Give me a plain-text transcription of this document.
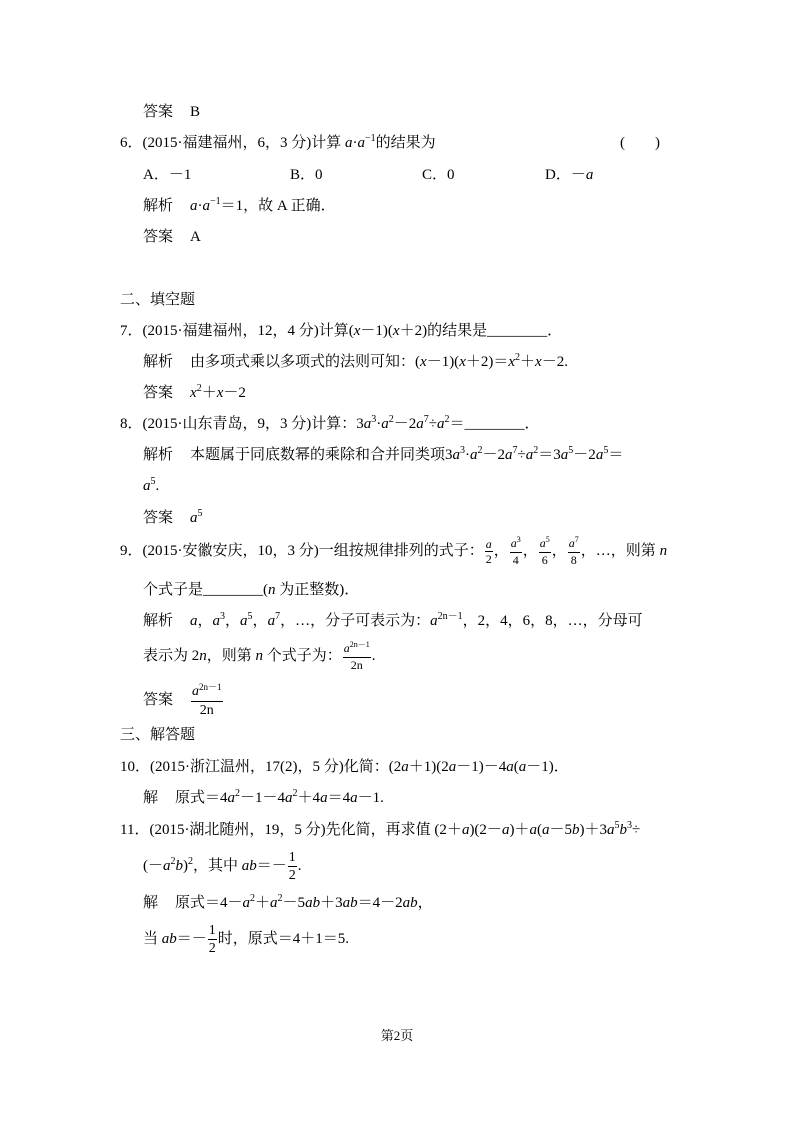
答案 B
6．(2015·福建福州，6，3 分)计算 $a\cdot a^{-1}$的结果为	(　　)
A．－1	B．0	C．0	D．－a
解析 $a\cdot a^{-1}=1$，故 A 正确．
答案 A
二、填空题
7．(2015·福建福州，12，4 分)计算(x－1)(x＋2)的结果是________．
解析 由多项式乘以多项式的法则可知：$(x-1)(x+2)=x^2+x-2$.
答案 $x^2+x-2$
8．(2015·山东青岛，9，3 分)计算：$3a^3\cdot a^2-2a^7\div a^2=\_\_\_\_\_\_\_\_$．
解析 本题属于同底数幂的乘除和合并同类项$3a^3\cdot a^2-2a^7\div a^2=3a^5-2a^5=$
$a^5$.
答案 $a^5$
9．(2015·安徽安庆，10，3 分)一组按规律排列的式子： $\frac{a}{2}$ ， $\frac{a^3}{4}$ ， $\frac{a^5}{6}$ ， $\frac{a^7}{8}$ ，…，则第 n
个式子是________(n 为正整数)．
解析 a，$a^3$，$a^5$，$a^7$，…，分子可表示为：$a^{2n-1}$，2，4，6，8，…，分母可
表示为 2n，则第 n 个式子为： $\frac{a^{2n-1}}{2n}$ .
答案 $\frac{a^{2n-1}}{2n}$
三、解答题
10．(2015·浙江温州，17(2)，5 分)化简：(2a＋1)(2a－1)－4a(a－1)．
解 原式$=4a^2-1-4a^2+4a=4a-1$.
11．(2015·湖北随州，19，5 分)先化简，再求值 $(2+a)(2-a)+a(a-5b)+3a^5b^3\div$
$(-a^2b)^2$，其中 $ab=- \frac{1}{2}$ .
解 原式$=4-a^2+a^2-5ab+3ab=4-2ab$，
当 $ab=- \frac{1}{2}$ 时，原式＝4＋1＝5.
第2页
